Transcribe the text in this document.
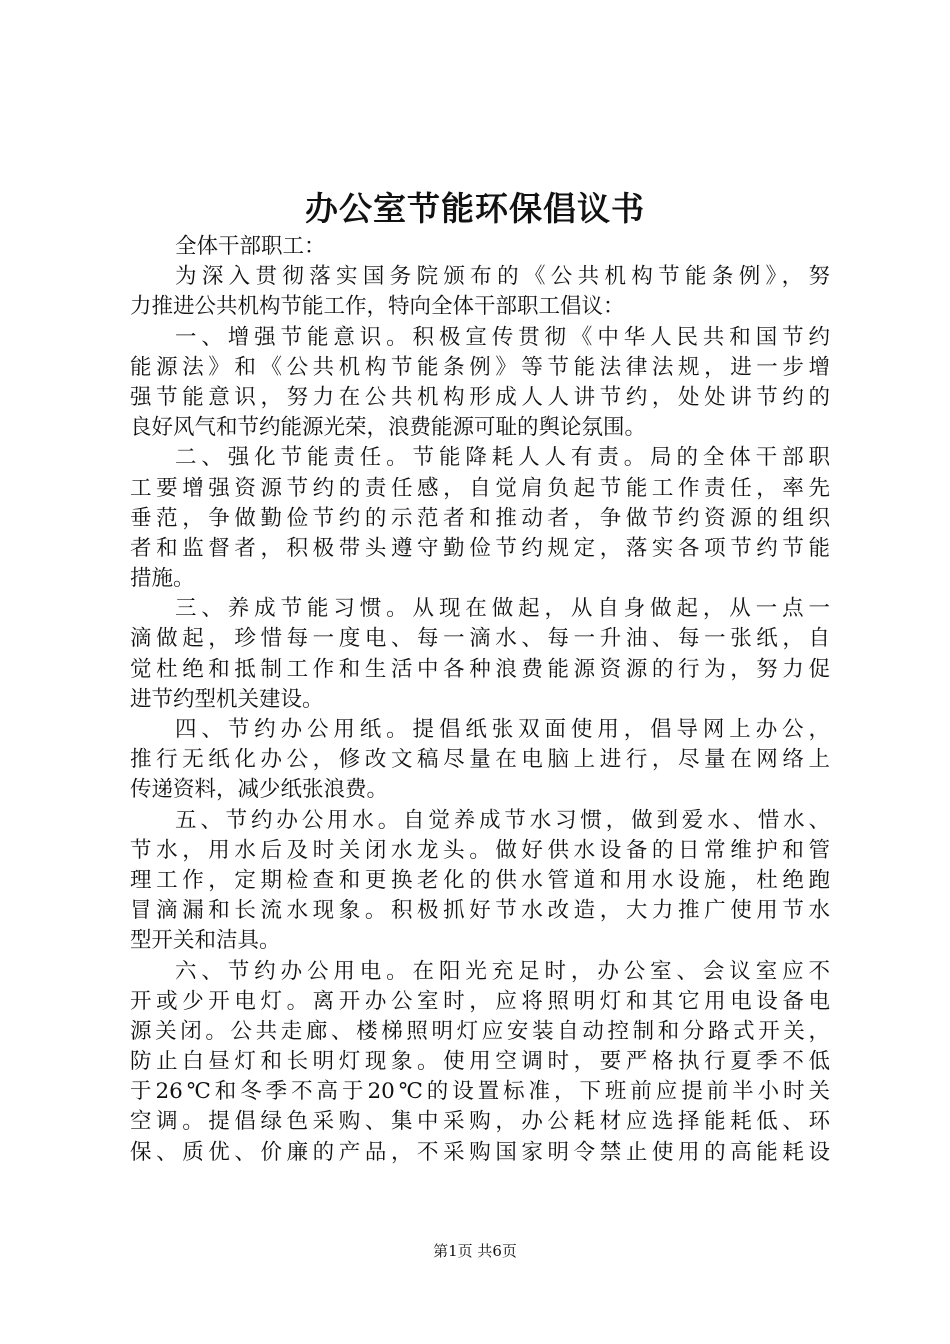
办公室节能环保倡议书
全体干部职工：
为深入贯彻落实国务院颁布的《公共机构节能条例》，努
力推进公共机构节能工作，特向全体干部职工倡议：
一、增强节能意识。积极宣传贯彻《中华人民共和国节约
能源法》和《公共机构节能条例》等节能法律法规，进一步增
强节能意识，努力在公共机构形成人人讲节约，处处讲节约的
良好风气和节约能源光荣，浪费能源可耻的舆论氛围。
二、强化节能责任。节能降耗人人有责。局的全体干部职
工要增强资源节约的责任感，自觉肩负起节能工作责任，率先
垂范，争做勤俭节约的示范者和推动者，争做节约资源的组织
者和监督者，积极带头遵守勤俭节约规定，落实各项节约节能
措施。
三、养成节能习惯。从现在做起，从自身做起，从一点一
滴做起，珍惜每一度电、每一滴水、每一升油、每一张纸，自
觉杜绝和抵制工作和生活中各种浪费能源资源的行为，努力促
进节约型机关建设。
四、节约办公用纸。提倡纸张双面使用，倡导网上办公，
推行无纸化办公，修改文稿尽量在电脑上进行，尽量在网络上
传递资料，减少纸张浪费。
五、节约办公用水。自觉养成节水习惯，做到爱水、惜水、
节水，用水后及时关闭水龙头。做好供水设备的日常维护和管
理工作，定期检查和更换老化的供水管道和用水设施，杜绝跑
冒滴漏和长流水现象。积极抓好节水改造，大力推广使用节水
型开关和洁具。
六、节约办公用电。在阳光充足时，办公室、会议室应不
开或少开电灯。离开办公室时，应将照明灯和其它用电设备电
源关闭。公共走廊、楼梯照明灯应安装自动控制和分路式开关，
防止白昼灯和长明灯现象。使用空调时，要严格执行夏季不低
于26℃和冬季不高于20℃的设置标准，下班前应提前半小时关
空调。提倡绿色采购、集中采购，办公耗材应选择能耗低、环
保、质优、价廉的产品，不采购国家明令禁止使用的高能耗设
第1页 共6页
